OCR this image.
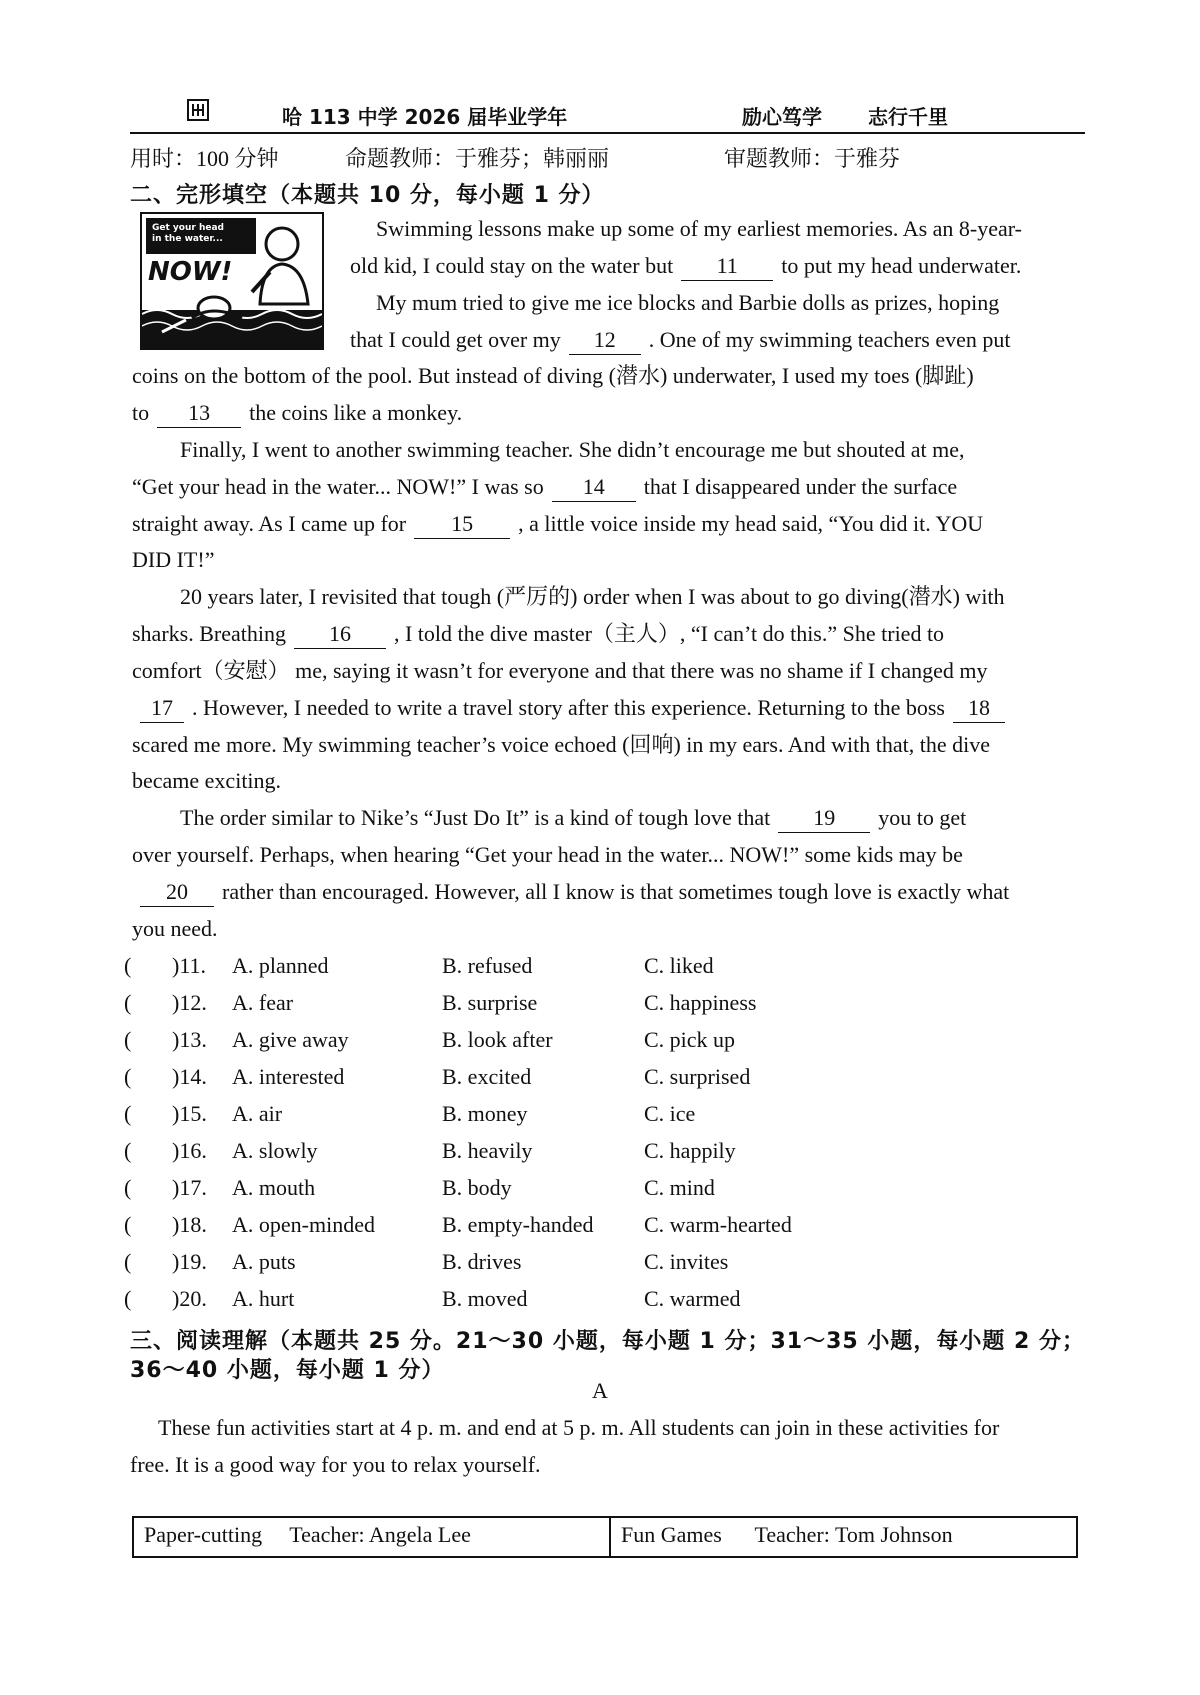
哈 113 中学 2026 届毕业学年	励心笃学 志行千里
用时：100 分钟	命题教师：于雅芬；韩丽丽	审题教师：于雅芬
二、完形填空（本题共 10 分，每小题 1 分）
Get your head
in the water...
NOW!
Swimming lessons make up some of my earliest memories. As an 8-year-
old kid, I could stay on the water but 11 to put my head underwater.
My mum tried to give me ice blocks and Barbie dolls as prizes, hoping
that I could get over my 12 . One of my swimming teachers even put
coins on the bottom of the pool. But instead of diving (潜水) underwater, I used my toes (脚趾)
to 13 the coins like a monkey.
Finally, I went to another swimming teacher. She didn’t encourage me but shouted at me,
“Get your head in the water... NOW!” I was so 14 that I disappeared under the surface
straight away. As I came up for 15 , a little voice inside my head said, “You did it. YOU
DID IT!”
20 years later, I revisited that tough (严厉的) order when I was about to go diving(潜水) with
sharks. Breathing 16 , I told the dive master（主人）, “I can’t do this.” She tried to
comfort（安慰） me, saying it wasn’t for everyone and that there was no shame if I changed my
17 . However, I needed to write a travel story after this experience. Returning to the boss 18
scared me more. My swimming teacher’s voice echoed (回响) in my ears. And with that, the dive
became exciting.
The order similar to Nike’s “Just Do It” is a kind of tough love that 19 you to get
over yourself. Perhaps, when hearing “Get your head in the water... NOW!” some kids may be
20 rather than encouraged. However, all I know is that sometimes tough love is exactly what
you need.
( )11. A. planned	B. refused	C. liked
( )12. A. fear	B. surprise	C. happiness
( )13. A. give away	B. look after	C. pick up
( )14. A. interested	B. excited	C. surprised
( )15. A. air	B. money	C. ice
( )16. A. slowly	B. heavily	C. happily
( )17. A. mouth	B. body	C. mind
( )18. A. open-minded	B. empty-handed C. warm-hearted
( )19. A. puts	B. drives	C. invites
( )20. A. hurt	B. moved	C. warmed
三、阅读理解（本题共 25 分。21～30 小题，每小题 1 分；31～35 小题，每小题 2 分；
36～40 小题，每小题 1 分）
A
These fun activities start at 4 p. m. and end at 5 p. m. All students can join in these activities for
free. It is a good way for you to relax yourself.
Paper-cutting Teacher: Angela Lee	Fun Games Teacher: Tom Johnson
